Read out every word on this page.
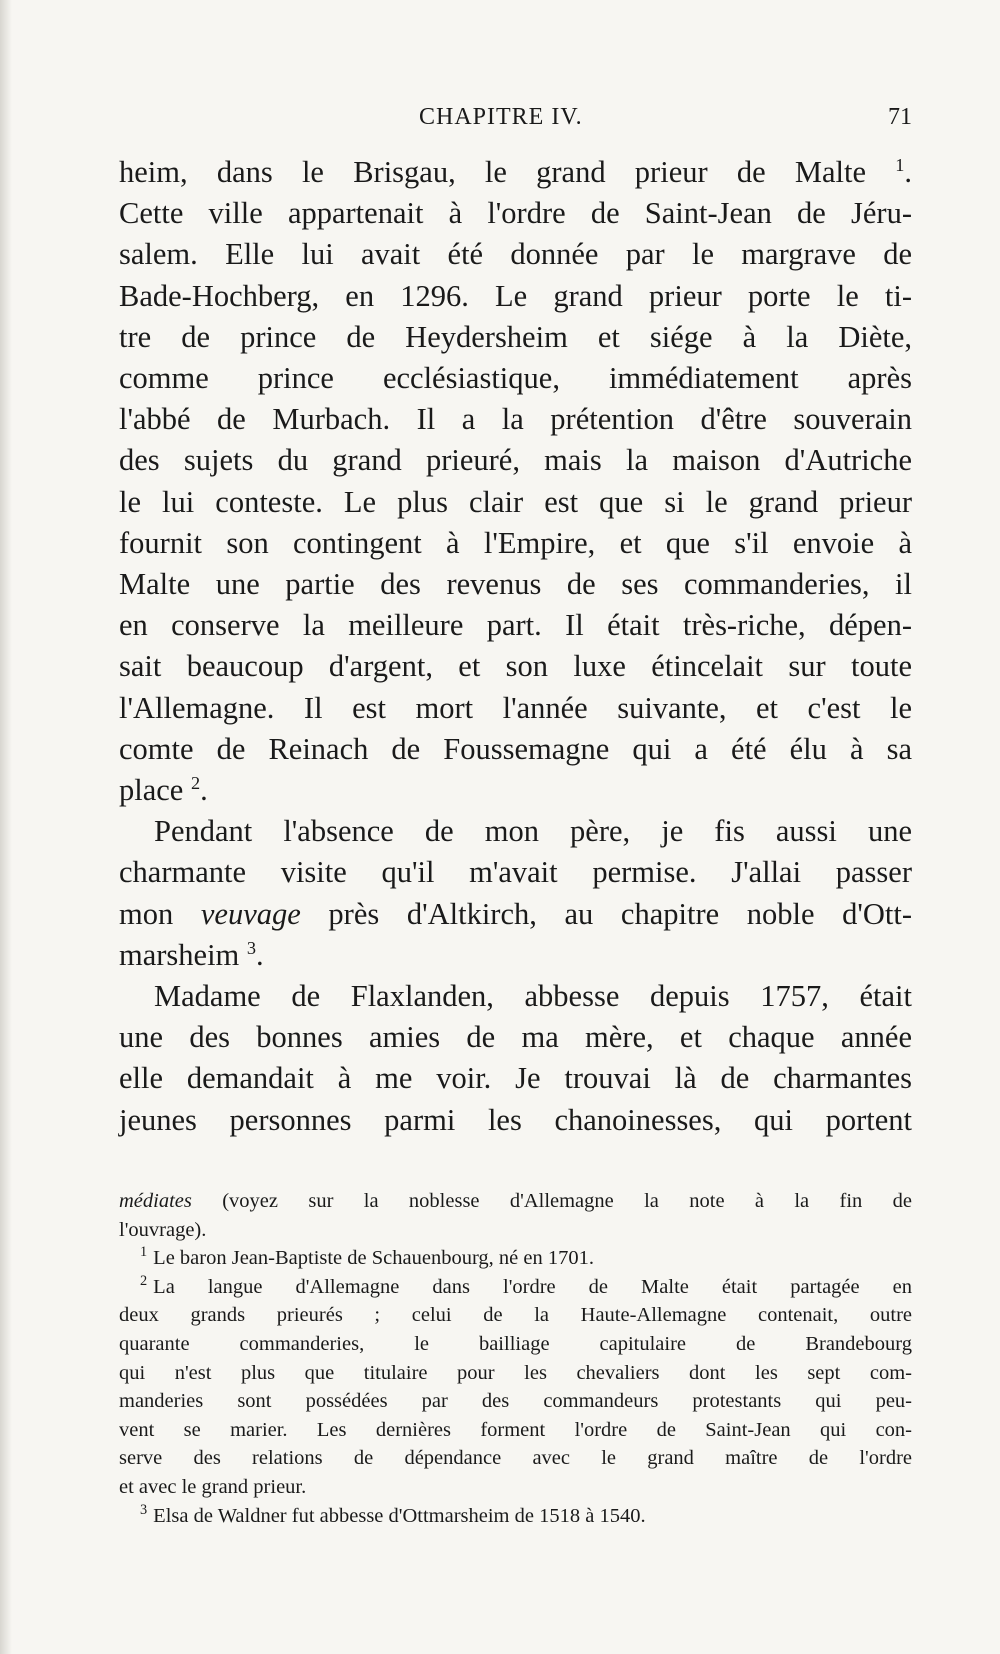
CHAPITRE IV.	71
heim, dans le Brisgau, le grand prieur de Malte $^1$.
Cette ville appartenait à l'ordre de Saint-Jean de Jéru-
salem. Elle lui avait été donnée par le margrave de
Bade-Hochberg, en 1296. Le grand prieur porte le ti-
tre de prince de Heydersheim et siége à la Diète,
comme prince ecclésiastique, immédiatement après
l'abbé de Murbach. Il a la prétention d'être souverain
des sujets du grand prieuré, mais la maison d'Autriche
le lui conteste. Le plus clair est que si le grand prieur
fournit son contingent à l'Empire, et que s'il envoie à
Malte une partie des revenus de ses commanderies, il
en conserve la meilleure part. Il était très-riche, dépen-
sait beaucoup d'argent, et son luxe étincelait sur toute
l'Allemagne. Il est mort l'année suivante, et c'est le
comte de Reinach de Foussemagne qui a été élu à sa
place $^2$.
Pendant l'absence de mon père, je fis aussi une
charmante visite qu'il m'avait permise. J'allai passer
mon veuvage près d'Altkirch, au chapitre noble d'Ott-
marsheim $^3$.
Madame de Flaxlanden, abbesse depuis 1757, était
une des bonnes amies de ma mère, et chaque année
elle demandait à me voir. Je trouvai là de charmantes
jeunes personnes parmi les chanoinesses, qui portent
médiates (voyez sur la noblesse d'Allemagne la note à la fin de
l'ouvrage).
$^1$ Le baron Jean-Baptiste de Schauenbourg, né en 1701.
$^2$ La langue d'Allemagne dans l'ordre de Malte était partagée en
deux grands prieurés ; celui de la Haute-Allemagne contenait, outre
quarante commanderies, le bailliage capitulaire de Brandebourg
qui n'est plus que titulaire pour les chevaliers dont les sept com-
manderies sont possédées par des commandeurs protestants qui peu-
vent se marier. Les dernières forment l'ordre de Saint-Jean qui con-
serve des relations de dépendance avec le grand maître de l'ordre
et avec le grand prieur.
$^3$ Elsa de Waldner fut abbesse d'Ottmarsheim de 1518 à 1540.
